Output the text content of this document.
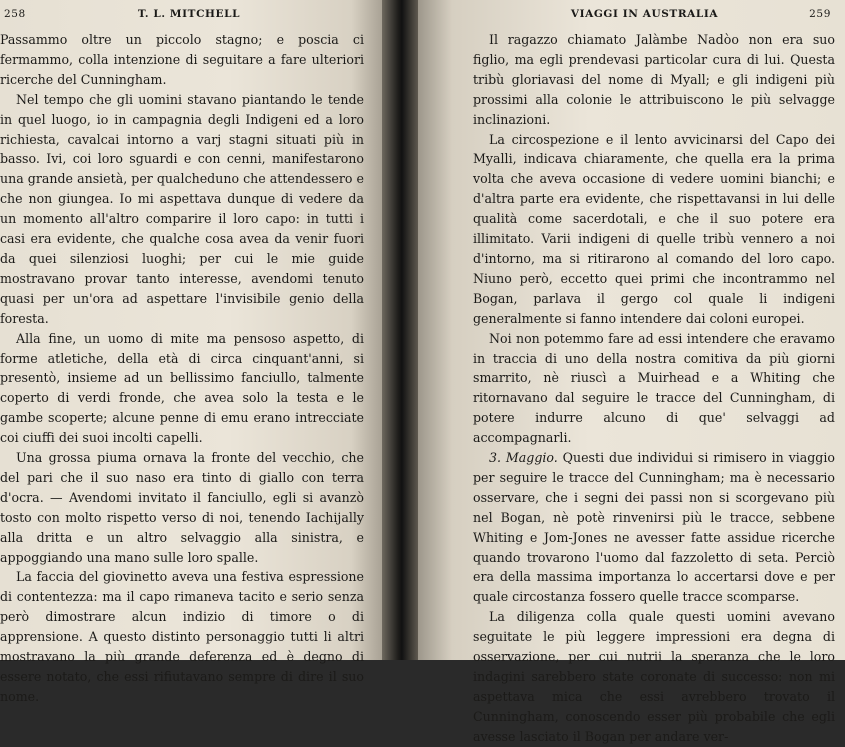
258	T. L. MITCHELL

Passammo oltre un piccolo stagno; e poscia ci fermammo, colla intenzione di seguitare a fare ulteriori ricerche del Cunningham.

Nel tempo che gli uomini stavano piantando le tende in quel luogo, io in campagnia degli Indigeni ed a loro richiesta, cavalcai intorno a varj stagni situati più in basso. Ivi, coi loro sguardi e con cenni, manifestarono una grande ansietà, per qualcheduno che attendessero e che non giungea. Io mi aspettava dunque di vedere da un momento all'altro comparire il loro capo: in tutti i casi era evidente, che qualche cosa avea da venir fuori da quei silenziosi luoghi; per cui le mie guide mostravano provar tanto interesse, avendomi tenuto quasi per un'ora ad aspettare l'invisibile genio della foresta.

Alla fine, un uomo di mite ma pensoso aspetto, di forme atletiche, della età di circa cinquant'anni, si presentò, insieme ad un bellissimo fanciullo, talmente coperto di verdi fronde, che avea solo la testa e le gambe scoperte; alcune penne di emu erano intrecciate coi ciuffi dei suoi incolti capelli.

Una grossa piuma ornava la fronte del vecchio, che del pari che il suo naso era tinto di giallo con terra d'ocra. — Avendomi invitato il fanciullo, egli si avanzò tosto con molto rispetto verso di noi, tenendo Iachijally alla dritta e un altro selvaggio alla sinistra, e appoggiando una mano sulle loro spalle.

La faccia del giovinetto aveva una festiva espressione di contentezza: ma il capo rimaneva tacito e serio senza però dimostrare alcun indizio di timore o di apprensione. A questo distinto personaggio tutti li altri mostravano la più grande deferenza ed è degno di essere notato, che essi rifiutavano sempre di dire il suo nome.

VIAGGI IN AUSTRALIA	259

Il ragazzo chiamato Jalàmbe Nadòo non era suo figlio, ma egli prendevasi particolar cura di lui. Questa tribù gloriavasi del nome di Myall; e gli indigeni più prossimi alla colonie le attribuiscono le più selvagge inclinazioni.

La circospezione e il lento avvicinarsi del Capo dei Myalli, indicava chiaramente, che quella era la prima volta che aveva occasione di vedere uomini bianchi; e d'altra parte era evidente, che rispettavansi in lui delle qualità come sacerdotali, e che il suo potere era illimitato. Varii indigeni di quelle tribù vennero a noi d'intorno, ma si ritirarono al comando del loro capo. Niuno però, eccetto quei primi che incontrammo nel Bogan, parlava il gergo col quale li indigeni generalmente si fanno intendere dai coloni europei.

Noi non potemmo fare ad essi intendere che eravamo in traccia di uno della nostra comitiva da più giorni smarrito, nè riuscì a Muirhead e a Whiting che ritornavano dal seguire le tracce del Cunningham, di potere indurre alcuno di que' selvaggi ad accompagnarli.

3. Maggio. Questi due individui si rimisero in viaggio per seguire le tracce del Cunningham; ma è necessario osservare, che i segni dei passi non si scorgevano più nel Bogan, nè potè rinvenirsi più le tracce, sebbene Whiting e Jom-Jones ne avesser fatte assidue ricerche quando trovarono l'uomo dal fazzoletto di seta. Perciò era della massima importanza lo accertarsi dove e per quale circostanza fossero quelle tracce scomparse.

La diligenza colla quale questi uomini avevano seguitate le più leggere impressioni era degna di osservazione, per cui nutrii la speranza che le loro indagini sarebbero state coronate di successo: non mi aspettava mica che essi avrebbero trovato il Cunningham, conoscendo esser più probabile che egli avesse lasciato il Bogan per andare ver-
